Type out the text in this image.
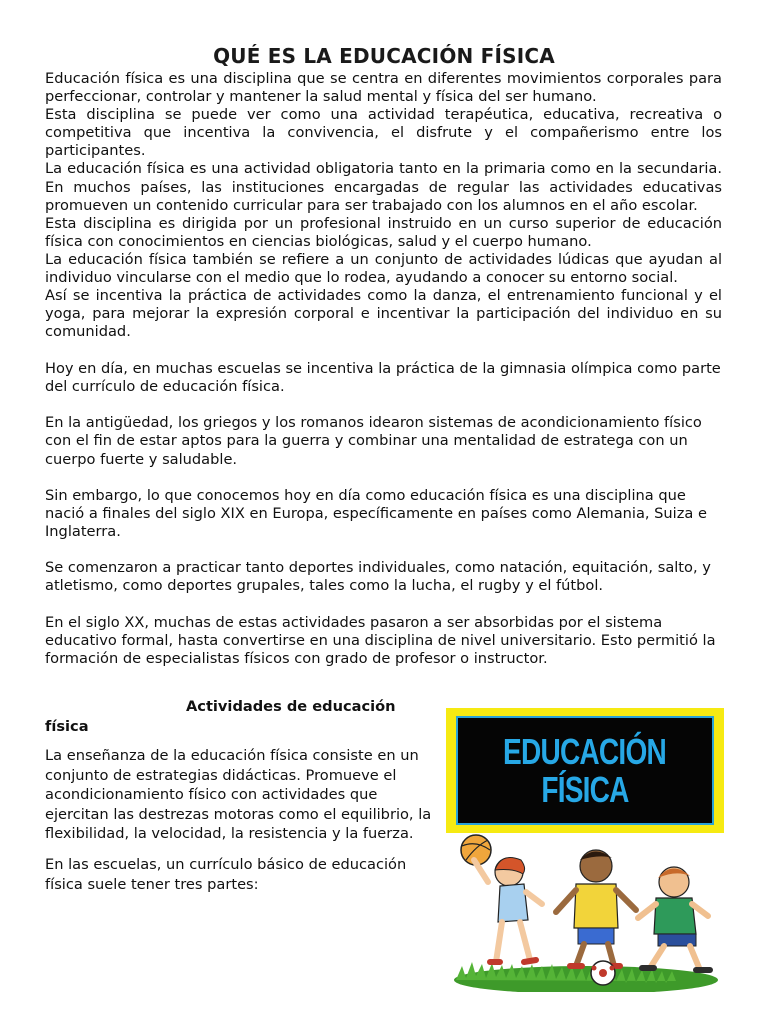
QUÉ ES LA EDUCACIÓN FÍSICA

Educación física es una disciplina que se centra en diferentes movimientos corporales para perfeccionar, controlar y mantener la salud mental y física del ser humano.

Esta disciplina se puede ver como una actividad terapéutica, educativa, recreativa o competitiva que incentiva la convivencia, el disfrute y el compañerismo entre los participantes.

La educación física es una actividad obligatoria tanto en la primaria como en la secundaria. En muchos países, las instituciones encargadas de regular las actividades educativas promueven un contenido curricular para ser trabajado con los alumnos en el año escolar.

Esta disciplina es dirigida por un profesional instruido en un curso superior de educación física con conocimientos en ciencias biológicas, salud y el cuerpo humano.

La educación física también se refiere a un conjunto de actividades lúdicas que ayudan al individuo vincularse con el medio que lo rodea, ayudando a conocer su entorno social.

Así se incentiva la práctica de actividades como la danza, el entrenamiento funcional y el yoga, para mejorar la expresión corporal e incentivar la participación del individuo en su comunidad.

Hoy en día, en muchas escuelas se incentiva la práctica de la gimnasia olímpica como parte del currículo de educación física.

En la antigüedad, los griegos y los romanos idearon sistemas de acondicionamiento físico con el fin de estar aptos para la guerra y combinar una mentalidad de estratega con un cuerpo fuerte y saludable.

Sin embargo, lo que conocemos hoy en día como educación física es una disciplina que nació a finales del siglo XIX en Europa, específicamente en países como Alemania, Suiza e Inglaterra.

Se comenzaron a practicar tanto deportes individuales, como natación, equitación, salto, y atletismo, como deportes grupales, tales como la lucha, el rugby y el fútbol.

En el siglo XX, muchas de estas actividades pasaron a ser absorbidas por el sistema educativo formal, hasta convertirse en una disciplina de nivel universitario. Esto permitió la formación de especialistas físicos con grado de profesor o instructor.

Actividades de educación
física

La enseñanza de la educación física consiste en un conjunto de estrategias didácticas. Promueve el acondicionamiento físico con actividades que ejercitan las destrezas motoras como el equilibrio, la flexibilidad, la velocidad, la resistencia y la fuerza.

En las escuelas, un currículo básico de educación física suele tener tres partes:

EDUCACIÓN
FÍSICA
